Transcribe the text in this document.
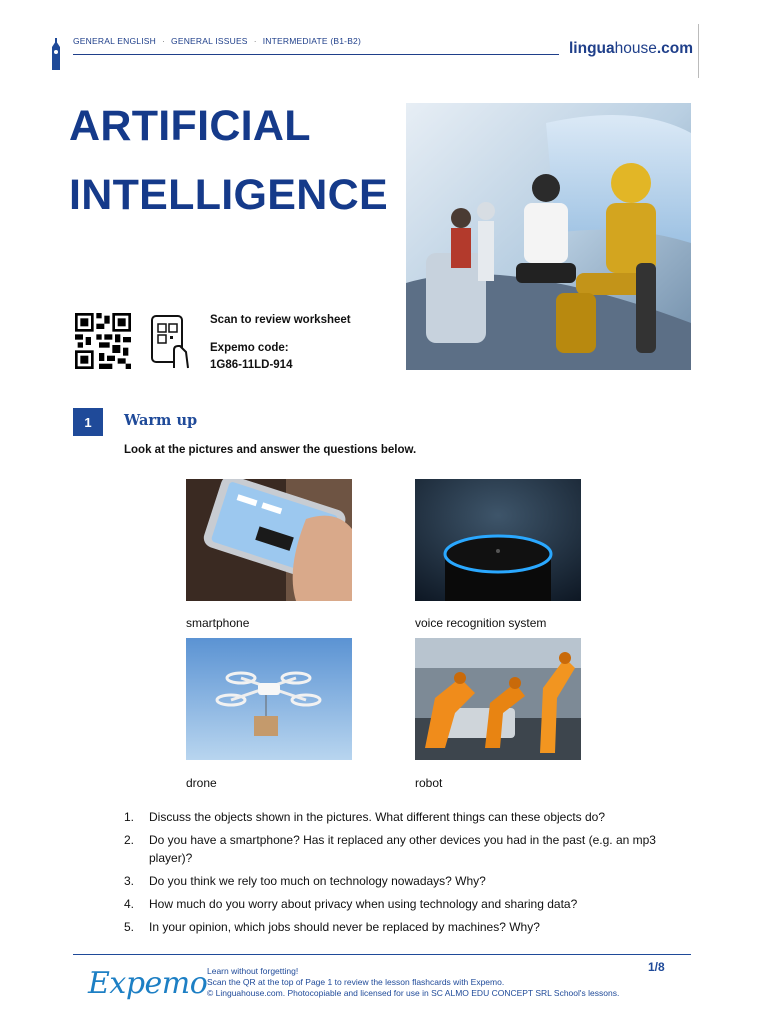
GENERAL ENGLISH · GENERAL ISSUES · INTERMEDIATE (B1-B2)	linguahouse.com
ARTIFICIAL
INTELLIGENCE
Scan to review worksheet
Expemo code:
1G86-11LD-914
1	Warm up
Look at the pictures and answer the questions below.
smartphone	voice recognition system
drone	robot
1.	Discuss the objects shown in the pictures. What different things can these objects do?
2.	Do you have a smartphone? Has it replaced any other devices you had in the past (e.g. an mp3 player)?
3.	Do you think we rely too much on technology nowadays? Why?
4.	How much do you worry about privacy when using technology and sharing data?
5.	In your opinion, which jobs should never be replaced by machines? Why?
Expemo Learn without forgetting!
Scan the QR at the top of Page 1 to review the lesson flashcards with Expemo.
© Linguahouse.com. Photocopiable and licensed for use in SC ALMO EDU CONCEPT SRL School's lessons.
1/8
